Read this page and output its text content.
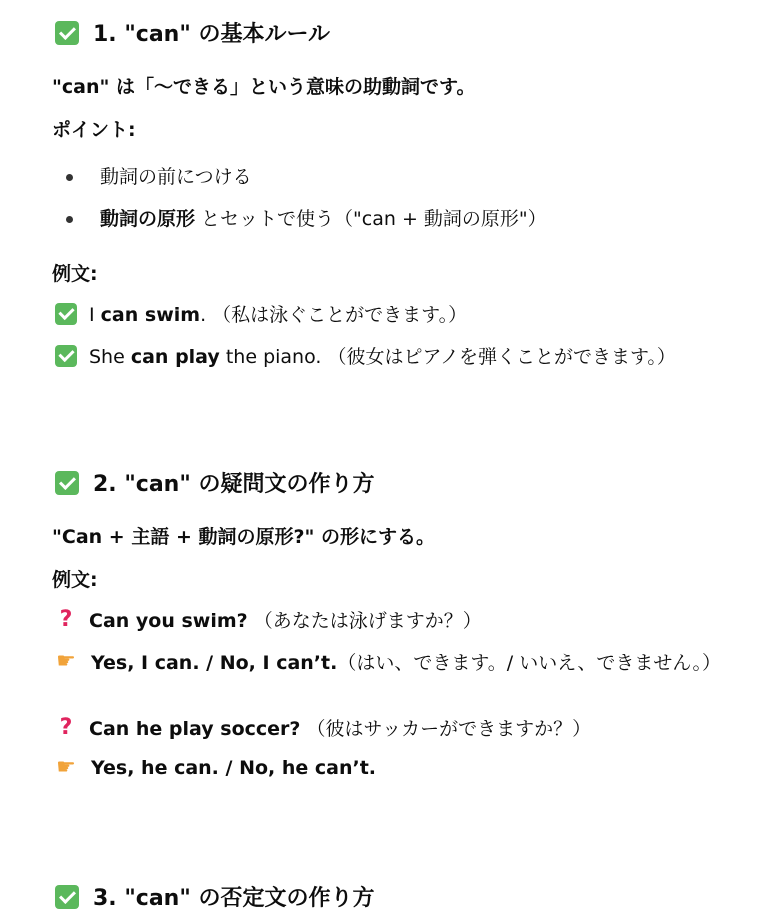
1. "can" の基本ルール
"can" は「～できる」という意味の助動詞です。
ポイント:
動詞の前につける
動詞の原形 とセットで使う（"can + 動詞の原形"）
例文:
I can swim. （私は泳ぐことができます。）
She can play the piano. （彼女はピアノを弾くことができます。）
2. "can" の疑問文の作り方
"Can + 主語 + 動詞の原形?" の形にする。
例文:
? Can you swim? （あなたは泳げますか？）
☛ Yes, I can. / No, I can’t.（はい、できます。/ いいえ、できません。）
? Can he play soccer? （彼はサッカーができますか？）
☛ Yes, he can. / No, he can’t.
3. "can" の否定文の作り方
